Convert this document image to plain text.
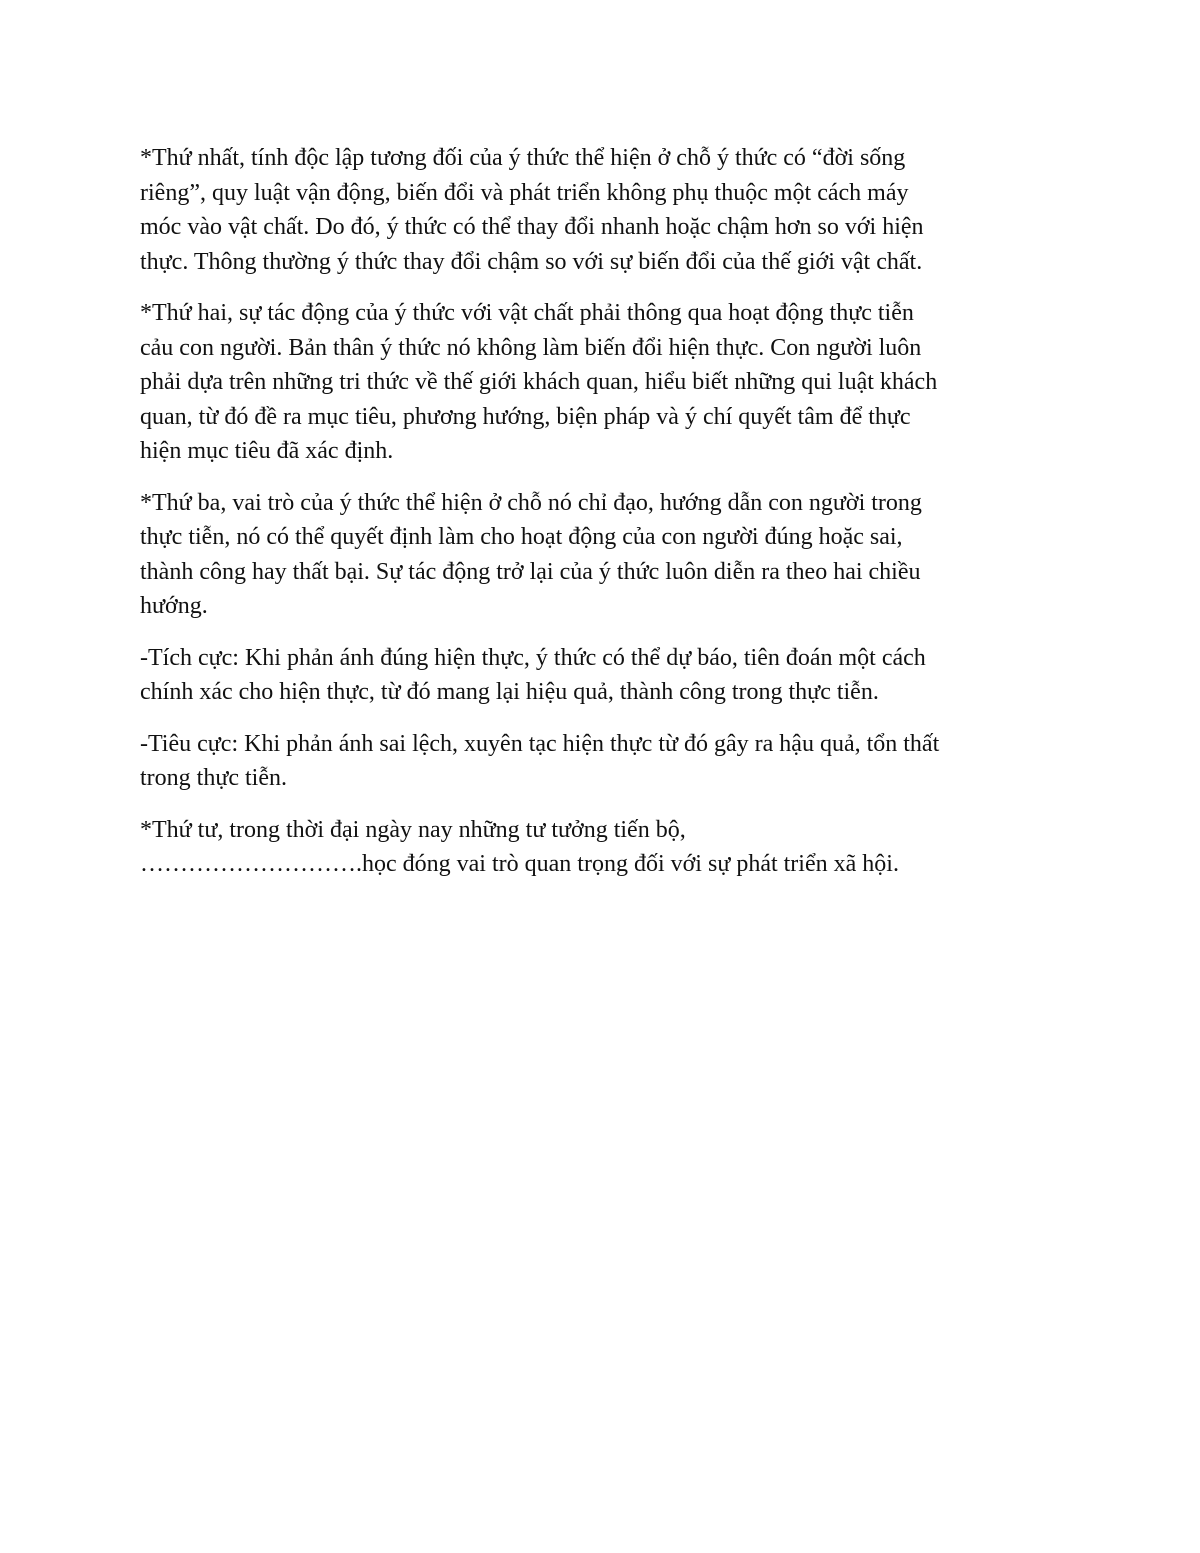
*Thứ nhất, tính độc lập tương đối của ý thức thể hiện ở chỗ ý thức có “đời sống
riêng”, quy luật vận động, biến đổi và phát triển không phụ thuộc một cách máy
móc vào vật chất. Do đó, ý thức có thể thay đổi nhanh hoặc chậm hơn so với hiện
thực. Thông thường ý thức thay đổi chậm so với sự biến đổi của thế giới vật chất.

*Thứ hai, sự tác động của ý thức với vật chất phải thông qua hoạt động thực tiễn
cảu con người. Bản thân ý thức nó không làm biến đổi hiện thực. Con người luôn
phải dựa trên những tri thức về thế giới khách quan, hiểu biết những qui luật khách
quan, từ đó đề ra mục tiêu, phương hướng, biện pháp và ý chí quyết tâm để thực
hiện mục tiêu đã xác định.

*Thứ ba, vai trò của ý thức thể hiện ở chỗ nó chỉ đạo, hướng dẫn con người trong
thực tiễn, nó có thể quyết định làm cho hoạt động của con người đúng hoặc sai,
thành công hay thất bại. Sự tác động trở lại của ý thức luôn diễn ra theo hai chiều
hướng.

-Tích cực: Khi phản ánh đúng hiện thực, ý thức có thể dự báo, tiên đoán một cách
chính xác cho hiện thực, từ đó mang lại hiệu quả, thành công trong thực tiễn.

-Tiêu cực: Khi phản ánh sai lệch, xuyên tạc hiện thực từ đó gây ra hậu quả, tổn thất
trong thực tiễn.

*Thứ tư, trong thời đại ngày nay những tư tưởng tiến bộ,
……………………….học đóng vai trò quan trọng đối với sự phát triển xã hội.
